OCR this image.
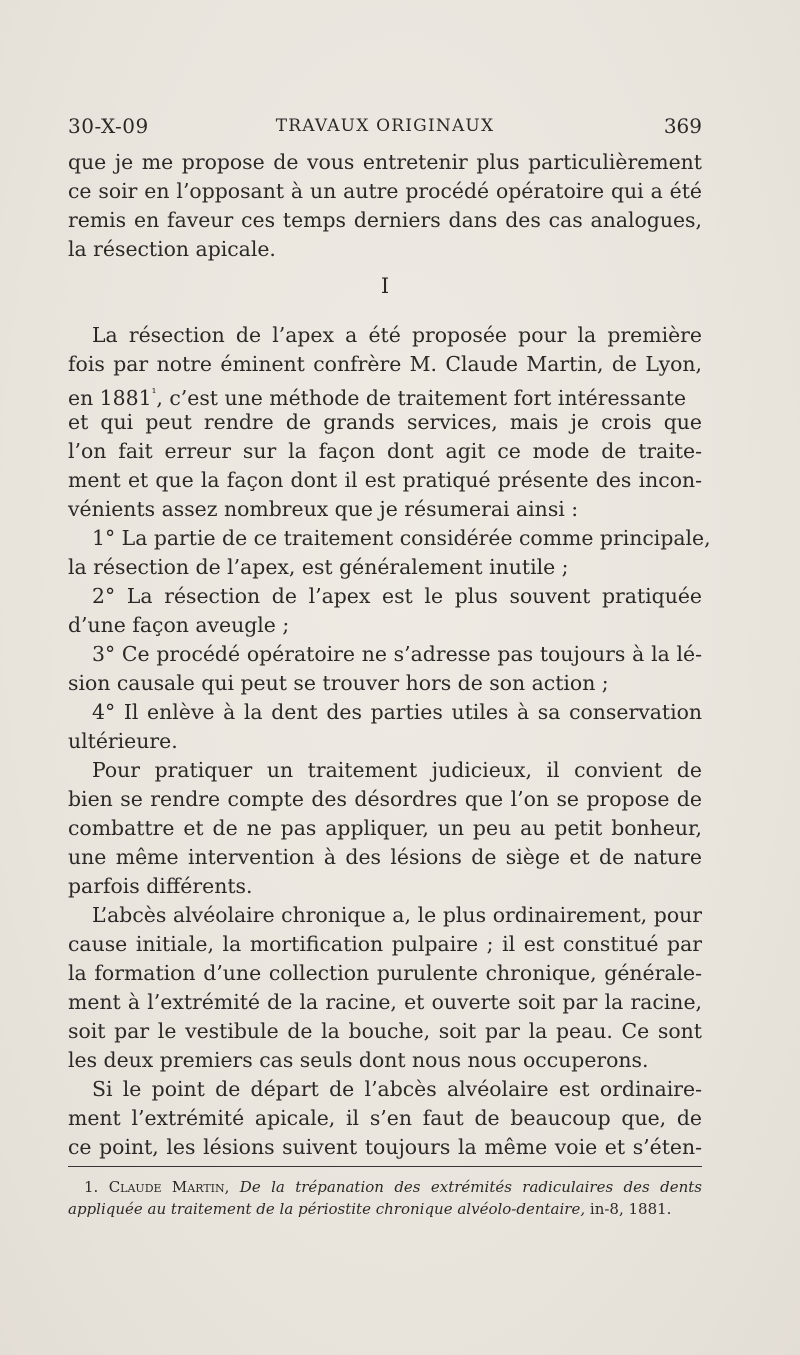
30-X-09	TRAVAUX ORIGINAUX	369
que je me propose de vous entretenir plus particulièrement
ce soir en l’opposant à un autre procédé opératoire qui a été
remis en faveur ces temps derniers dans des cas analogues,
la résection apicale.
I
La résection de l’apex a été proposée pour la première
fois par notre éminent confrère M. Claude Martin, de Lyon,
en $1881^{^1}$, c’est une méthode de traitement fort intéressante
et qui peut rendre de grands services, mais je crois que
l’on fait erreur sur la façon dont agit ce mode de traite-
ment et que la façon dont il est pratiqué présente des incon-
vénients assez nombreux que je résumerai ainsi :
1° La partie de ce traitement considérée comme principale,
la résection de l’apex, est généralement inutile ;
2° La résection de l’apex est le plus souvent pratiquée
d’une façon aveugle ;
3° Ce procédé opératoire ne s’adresse pas toujours à la lé-
sion causale qui peut se trouver hors de son action ;
4° Il enlève à la dent des parties utiles à sa conservation
ultérieure.
Pour pratiquer un traitement judicieux, il convient de
bien se rendre compte des désordres que l’on se propose de
combattre et de ne pas appliquer, un peu au petit bonheur,
une même intervention à des lésions de siège et de nature
parfois différents.
L’abcès alvéolaire chronique a, le plus ordinairement, pour
cause initiale, la mortification pulpaire ; il est constitué par
la formation d’une collection purulente chronique, générale-
ment à l’extrémité de la racine, et ouverte soit par la racine,
soit par le vestibule de la bouche, soit par la peau. Ce sont
les deux premiers cas seuls dont nous nous occuperons.
Si le point de départ de l’abcès alvéolaire est ordinaire-
ment l’extrémité apicale, il s’en faut de beaucoup que, de
ce point, les lésions suivent toujours la même voie et s’éten-
1. Claude Martin, De la trépanation des extrémités radiculaires des dents
appliquée au traitement de la périostite chronique alvéolo-dentaire, in-8, 1881.
